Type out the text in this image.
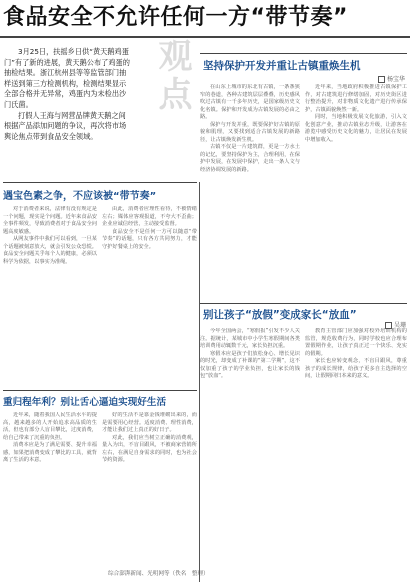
食品安全不允许任何一方“带节奏”

3月25日，扶摇乡日供“黄天鹅鸡蛋门”有了新的进展，黄天鹅公布了鸡蛋的抽检结果。浙江杭州县等等监管部门抽样送到第三方检测机构，检测结果显示全部合格并无异常，鸡蛋内为未检出沙门氏菌。

打假人王海与网营品牌黄天鹅之间根据产品添加问题的争议，再次将市场舆论焦点带到食品安全领域。

观点 坚持保护开发并重让古镇重焕生机
杨宝华

在山东上城市的东北有古镇，一条条狭窄的巷道，各种古建筑层层叠叠，历史感风吹过古镇有一千多年历史，是国家级历史文化名镇。保护和开发成为古镇发展的必由之路。

保护与开发并重，既要保护好古镇的原貌和肌理，又要找到适合古镇发展的新路径，让古镇焕发新生机。

古镇不仅是一片建筑群，更是一方水土的记忆，要坚持保护为主，合理利用，在保护中发展，在发展中保护，走出一条人文与经济协调发展的新路。

近年来，当地政府积极推进古镇保护工作，对古建筑进行修缮加固，对历史街区进行整治提升，对非物质文化遗产进行传承保护，古镇面貌焕然一新。

同时，当地积极发展文化旅游，引入文化创意产业，推动古镇业态升级，让游客在游览中感受历史文化的魅力，让居民在发展中增加收入。

遇宝色素之争，不应该被“带节奏”

对于消费者来说，法律有没有规定是一个问题，现实是个问题。近年来食品安全事件频发，导致消费者对于食品安全问题高度敏感。

从网友事件中我们可以看到，一旦某个话题被刻意放大，就会引发公众恐慌。食品安全问题关乎每个人的健康，必须以科学为依据，以事实为准绳。

由此，消费者应理性看待，不被情绪左右；媒体应客观报道，不夸大不歪曲；企业应诚信经营，主动接受监督。

食品安全不是任何一方可以随意“带节奏”的话题，只有各方共同努力，才能守护好餐桌上的安全。

别让孩子“放假”变成家长“放血”
吴珊

今年全国两会，“寒假报”引发不少人关注。据统计，某城市中小学生寒假期间各类培训费用动辄数千元，家长负担沉重。

寒假本应是孩子们放松身心、增长见识的时光，却变成了补课的“第二学期”，这不仅加重了孩子的学业负担，也让家长的钱包“放血”。

教育主管部门应加强对校外培训机构的监管，规范收费行为，同时学校也应合理布置假期作业，让孩子真正过一个快乐、充实的假期。

家长也应转变观念，不盲目跟风，尊重孩子的成长规律，给孩子更多自主选择的空间，让假期回归本来的意义。

重归程年利？别让舌心逼迫实现好生活

近年来，随着我国人民生活水平的提高，越来越多的人开始追求高品质的生活，但也有部分人盲目攀比，过度消费，给自己带来了沉重的负担。

消费本应是为了满足需要、提升幸福感，如果把消费变成了攀比的工具，就背离了生活的本意。

好的生活不是靠金钱堆砌出来的，而是需要用心经营。适度消费、理性消费，才能让我们过上真正的好日子。

对此，我们应当树立正确的消费观，量入为出，不盲目跟风，不被商家营销所左右，在满足自身需求的同时，也为社会节约资源。

综合澎湃新闻、光明网等（佚名　整理）
